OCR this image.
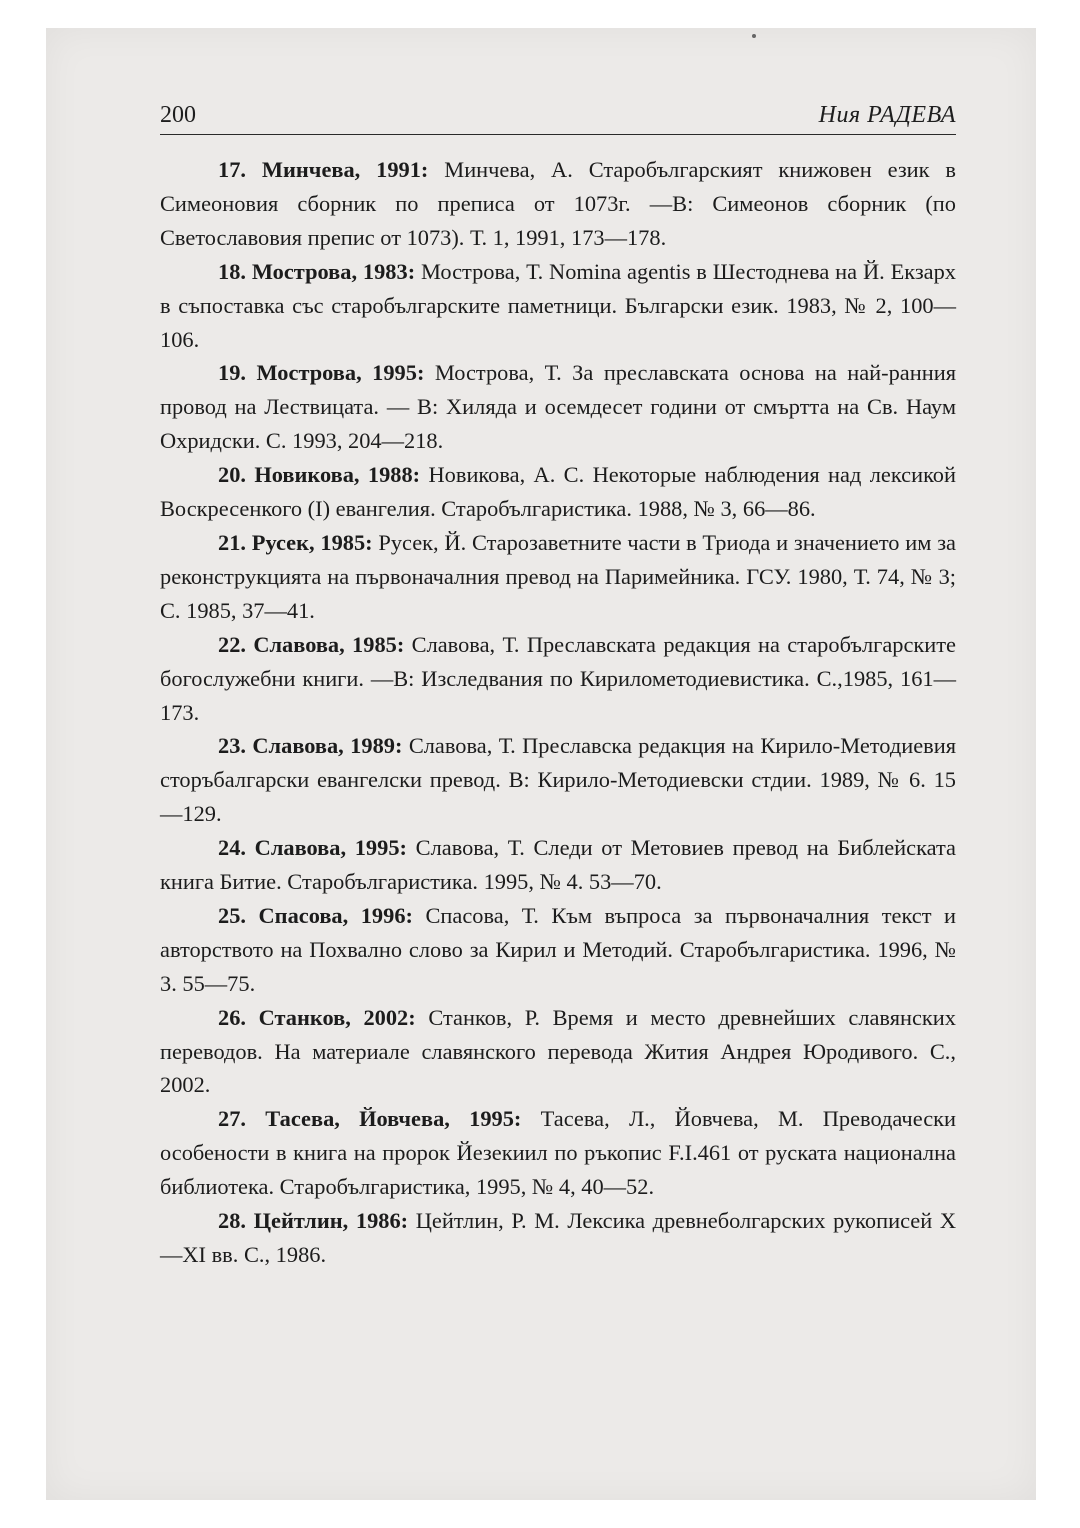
200	Ния РАДЕВА

17. Минчева, 1991: Минчева, А. Старобългарският книжовен език в Симеоновия сборник по преписа от 1073г. —В: Симеонов сборник (по Светославовия препис от 1073). Т. 1, 1991, 173—178.

18. Мострова, 1983: Мострова, Т. Nomina agentis в Шестоднева на Й. Екзарх в съпоставка със старобългарските паметници. Български език. 1983, № 2, 100—106.

19. Мострова, 1995: Мострова, Т. За преславската основа на най-ранния провод на Лествицата. — В: Хиляда и осемдесет години от смъртта на Св. Наум Охридски. С. 1993, 204—218.

20. Новикова, 1988: Новикова, А. С. Некоторые наблюдения над лексикой Воскресенкого (I) евангелия. Старобългаристика. 1988, № 3, 66—86.

21. Русек, 1985: Русек, Й. Старозаветните части в Триода и значението им за реконструкцията на първоначалния превод на Паримейника. ГСУ. 1980, Т. 74, № 3; С. 1985, 37—41.

22. Славова, 1985: Славова, Т. Преславската редакция на старобългарските богослужебни книги. —В: Изследвания по Кирилометодиевистика. С.,1985, 161—173.

23. Славова, 1989: Славова, Т. Преславска редакция на Кирило-Методиевия сторъбалгарски евангелски превод. В: Кирило-Методиевски стдии. 1989, № 6. 15—129.

24. Славова, 1995: Славова, Т. Следи от Метовиев превод на Библейската книга Битие. Старобългаристика. 1995, № 4. 53—70.

25. Спасова, 1996: Спасова, Т. Към въпроса за първоначалния текст и авторството на Похвално слово за Кирил и Методий. Старобългаристика. 1996, № 3. 55—75.

26. Станков, 2002: Станков, Р. Время и место древнейших славянских переводов. На материале славянского перевода Жития Андрея Юродивого. С., 2002.

27. Тасева, Йовчева, 1995: Тасева, Л., Йовчева, М. Преводачески особености в книга на пророк Йезекиил по ръкопис F.I.461 от руската национална библиотека. Старобългаристика, 1995, № 4, 40—52.

28. Цейтлин, 1986: Цейтлин, Р. М. Лексика древнеболгарских рукописей X—XI вв. С., 1986.
